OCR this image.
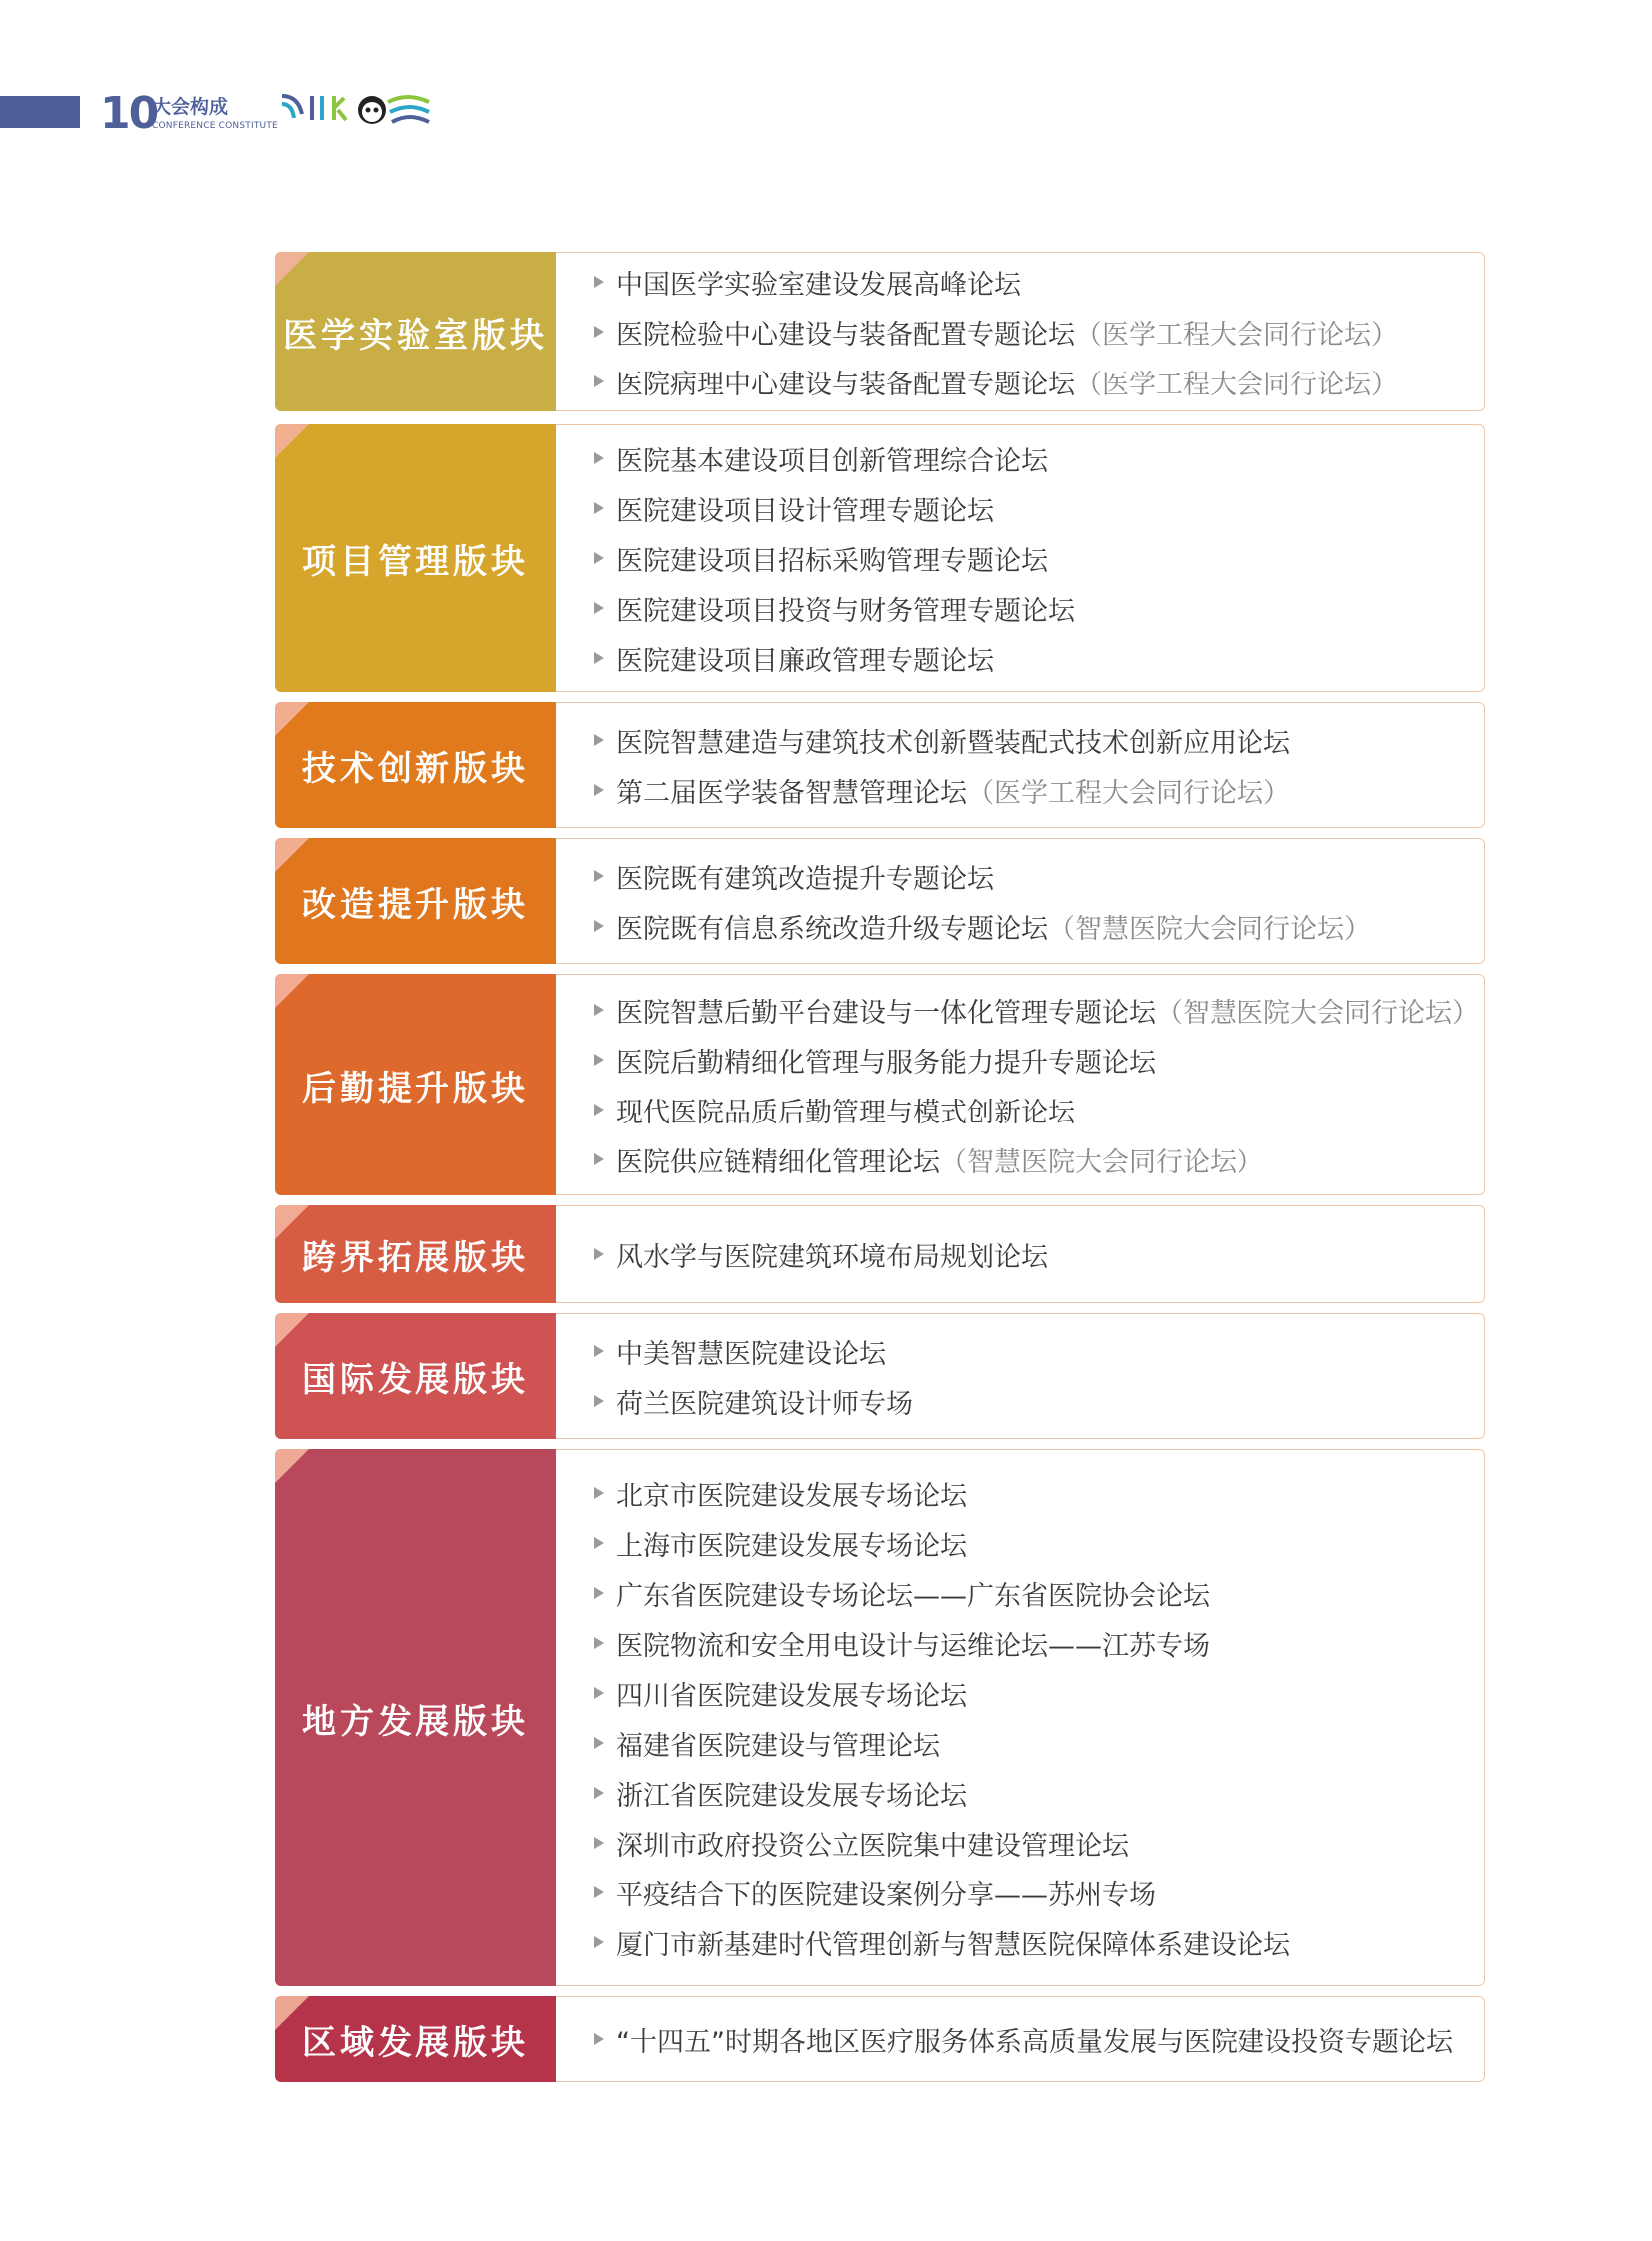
10
大会构成
CONFERENCE CONSTITUTE
医学实验室版块
中国医学实验室建设发展高峰论坛
医院检验中心建设与装备配置专题论坛 （医学工程大会同行论坛）
医院病理中心建设与装备配置专题论坛 （医学工程大会同行论坛）
项目管理版块
医院基本建设项目创新管理综合论坛
医院建设项目设计管理专题论坛
医院建设项目招标采购管理专题论坛
医院建设项目投资与财务管理专题论坛
医院建设项目廉政管理专题论坛
技术创新版块
医院智慧建造与建筑技术创新暨装配式技术创新应用论坛
第二届医学装备智慧管理论坛 （医学工程大会同行论坛）
改造提升版块
医院既有建筑改造提升专题论坛
医院既有信息系统改造升级专题论坛 （智慧医院大会同行论坛）
后勤提升版块
医院智慧后勤平台建设与一体化管理专题论坛 （智慧医院大会同行论坛）
医院后勤精细化管理与服务能力提升专题论坛
现代医院品质后勤管理与模式创新论坛
医院供应链精细化管理论坛 （智慧医院大会同行论坛）
跨界拓展版块	风水学与医院建筑环境布局规划论坛
国际发展版块
中美智慧医院建设论坛
荷兰医院建筑设计师专场
地方发展版块
北京市医院建设发展专场论坛
上海市医院建设发展专场论坛
广东省医院建设专场论坛——广东省医院协会论坛
医院物流和安全用电设计与运维论坛——江苏专场
四川省医院建设发展专场论坛
福建省医院建设与管理论坛
浙江省医院建设发展专场论坛
深圳市政府投资公立医院集中建设管理论坛
平疫结合下的医院建设案例分享——苏州专场
厦门市新基建时代管理创新与智慧医院保障体系建设论坛
区域发展版块	“十四五”时期各地区医疗服务体系高质量发展与医院建设投资专题论坛
